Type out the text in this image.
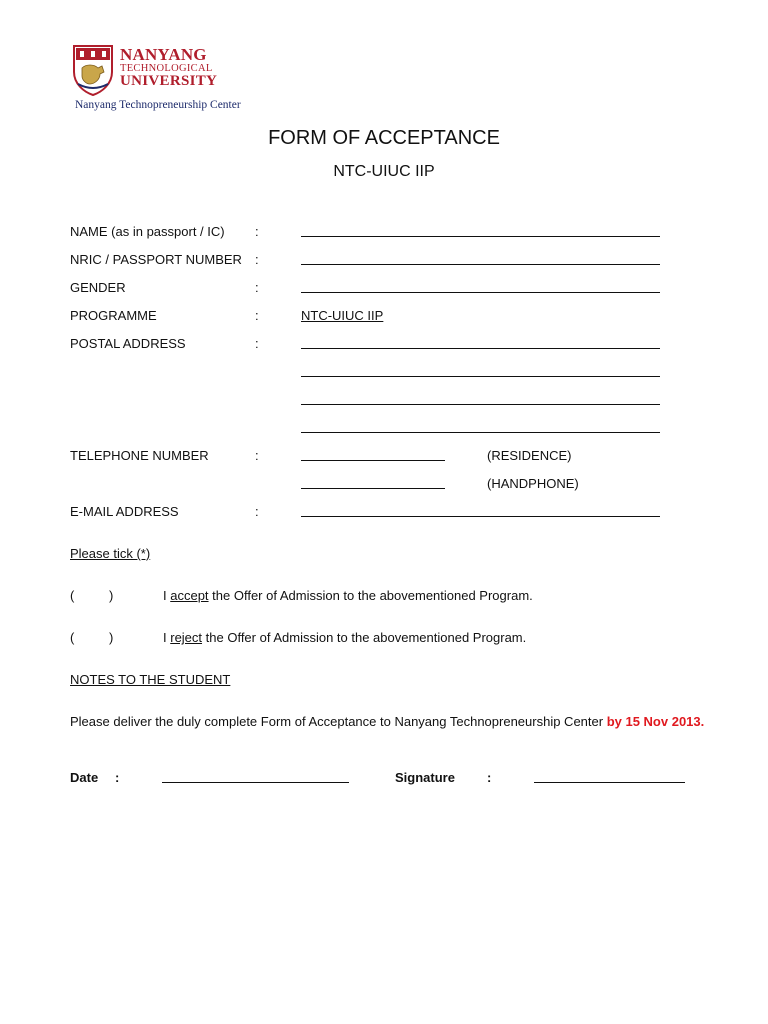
NANYANG
TECHNOLOGICAL
UNIVERSITY
Nanyang Technopreneurship Center
FORM OF ACCEPTANCE
NTC-UIUC IIP
NAME (as in passport / IC) :
NRIC / PASSPORT NUMBER :
GENDER	:
PROGRAMME	:	NTC-UIUC IIP
POSTAL ADDRESS	:
TELEPHONE NUMBER	:	(RESIDENCE)
(HANDPHONE)
E-MAIL ADDRESS	:
Please tick (*)
(	)	I accept the Offer of Admission to the abovementioned Program.
(	)	I reject the Offer of Admission to the abovementioned Program.
NOTES TO THE STUDENT
Please deliver the duly complete Form of Acceptance to Nanyang Technopreneurship Center by 15 Nov 2013.
Date :	Signature :
